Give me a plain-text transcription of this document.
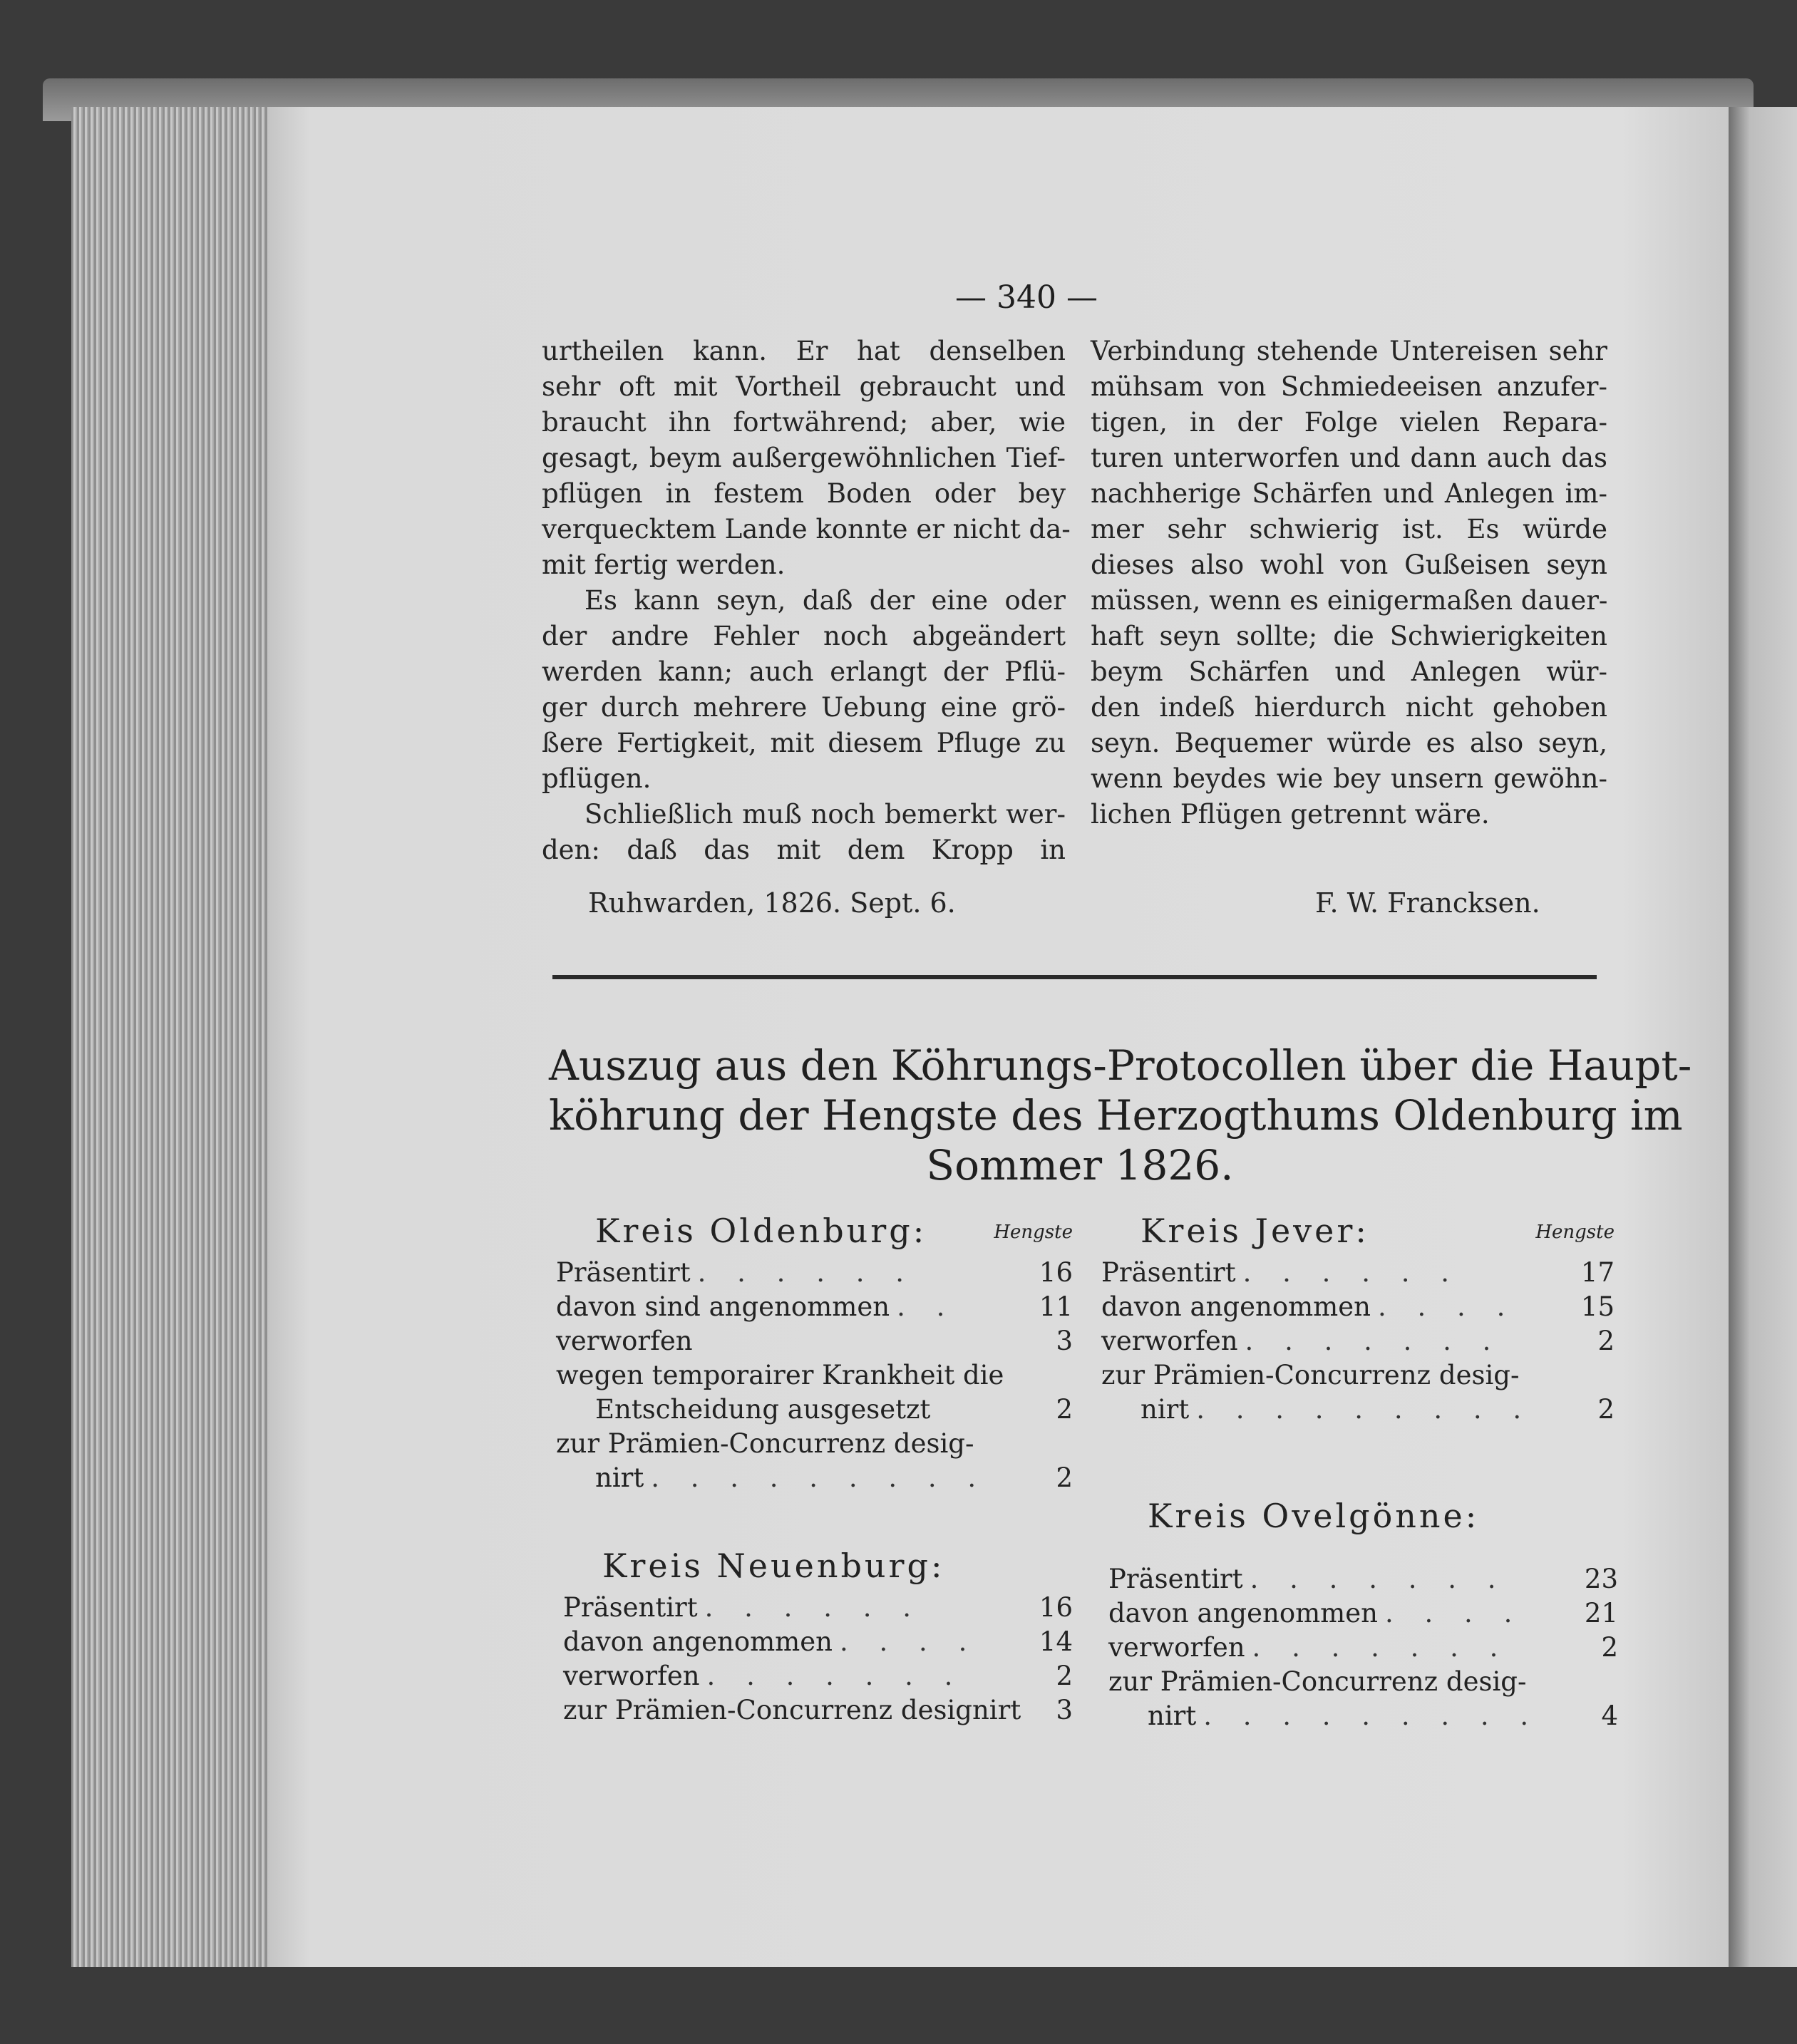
— 340 —
urtheilen kann. Er hat denselben
sehr oft mit Vortheil gebraucht und
braucht ihn fortwährend; aber, wie
gesagt, beym außergewöhnlichen Tief-
pflügen in festem Boden oder bey
verquecktem Lande konnte er nicht da-
mit fertig werden.
Es kann seyn, daß der eine oder
der andre Fehler noch abgeändert
werden kann; auch erlangt der Pflü-
ger durch mehrere Uebung eine grö-
ßere Fertigkeit, mit diesem Pfluge zu
pflügen.
Schließlich muß noch bemerkt wer-
den: daß das mit dem Kropp in
Verbindung stehende Untereisen sehr
mühsam von Schmiedeeisen anzufer-
tigen, in der Folge vielen Repara-
turen unterworfen und dann auch das
nachherige Schärfen und Anlegen im-
mer sehr schwierig ist. Es würde
dieses also wohl von Gußeisen seyn
müssen, wenn es einigermaßen dauer-
haft seyn sollte; die Schwierigkeiten
beym Schärfen und Anlegen wür-
den indeß hierdurch nicht gehoben
seyn. Bequemer würde es also seyn,
wenn beydes wie bey unsern gewöhn-
lichen Pflügen getrennt wäre.
Ruhwarden, 1826. Sept. 6.	F. W. Francksen.
Auszug aus den Köhrungs-Protocollen über die Haupt-
köhrung der Hengste des Herzogthums Oldenburg im
Sommer 1826.
Kreis Oldenburg:	Hengste
Präsentirt . . . . . .	16
davon sind angenommen . .	11
verworfen	3
wegen temporairer Krankheit die
Entscheidung ausgesetzt	2
zur Prämien-Concurrenz desig-
nirt . . . . . . . . .	2
Kreis Neuenburg:
Präsentirt . . . . . .	16
davon angenommen . . . .	14
verworfen . . . . . . .	2
zur Prämien-Concurrenz designirt	3
Kreis Jever:	Hengste
Präsentirt . . . . . .	17
davon angenommen . . . .	15
verworfen . . . . . . .	2
zur Prämien-Concurrenz desig-
nirt . . . . . . . . .	2
Kreis Ovelgönne:
Präsentirt . . . . . . .	23
davon angenommen . . . .	21
verworfen . . . . . . .	2
zur Prämien-Concurrenz desig-
nirt . . . . . . . . .	4
